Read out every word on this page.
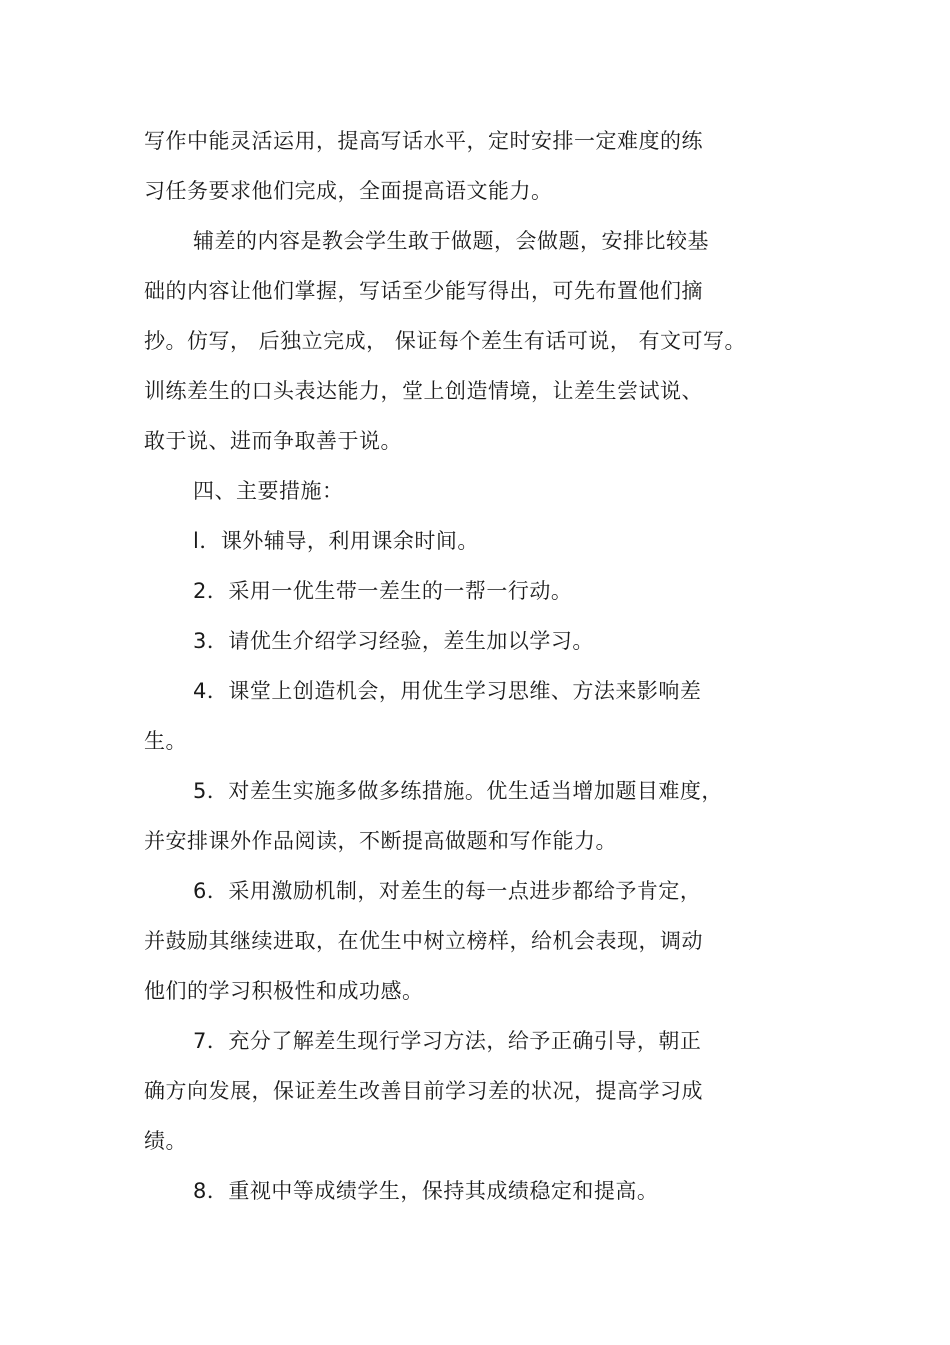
写作中能灵活运用，提高写话水平，定时安排一定难度的练
习任务要求他们完成，全面提高语文能力。
辅差的内容是教会学生敢于做题，会做题，安排比较基
础的内容让他们掌握，写话至少能写得出，可先布置他们摘
抄。仿写， 后独立完成， 保证每个差生有话可说， 有文可写。
训练差生的口头表达能力，堂上创造情境，让差生尝试说、
敢于说、进而争取善于说。
四、主要措施：
l．课外辅导，利用课余时间。
2．采用一优生带一差生的一帮一行动。
3．请优生介绍学习经验，差生加以学习。
4．课堂上创造机会，用优生学习思维、方法来影响差
生。
5．对差生实施多做多练措施。优生适当增加题目难度，
并安排课外作品阅读，不断提高做题和写作能力。
6．采用激励机制，对差生的每一点进步都给予肯定，
并鼓励其继续进取，在优生中树立榜样，给机会表现，调动
他们的学习积极性和成功感。
7．充分了解差生现行学习方法，给予正确引导，朝正
确方向发展，保证差生改善目前学习差的状况，提高学习成
绩。
8．重视中等成绩学生，保持其成绩稳定和提高。
